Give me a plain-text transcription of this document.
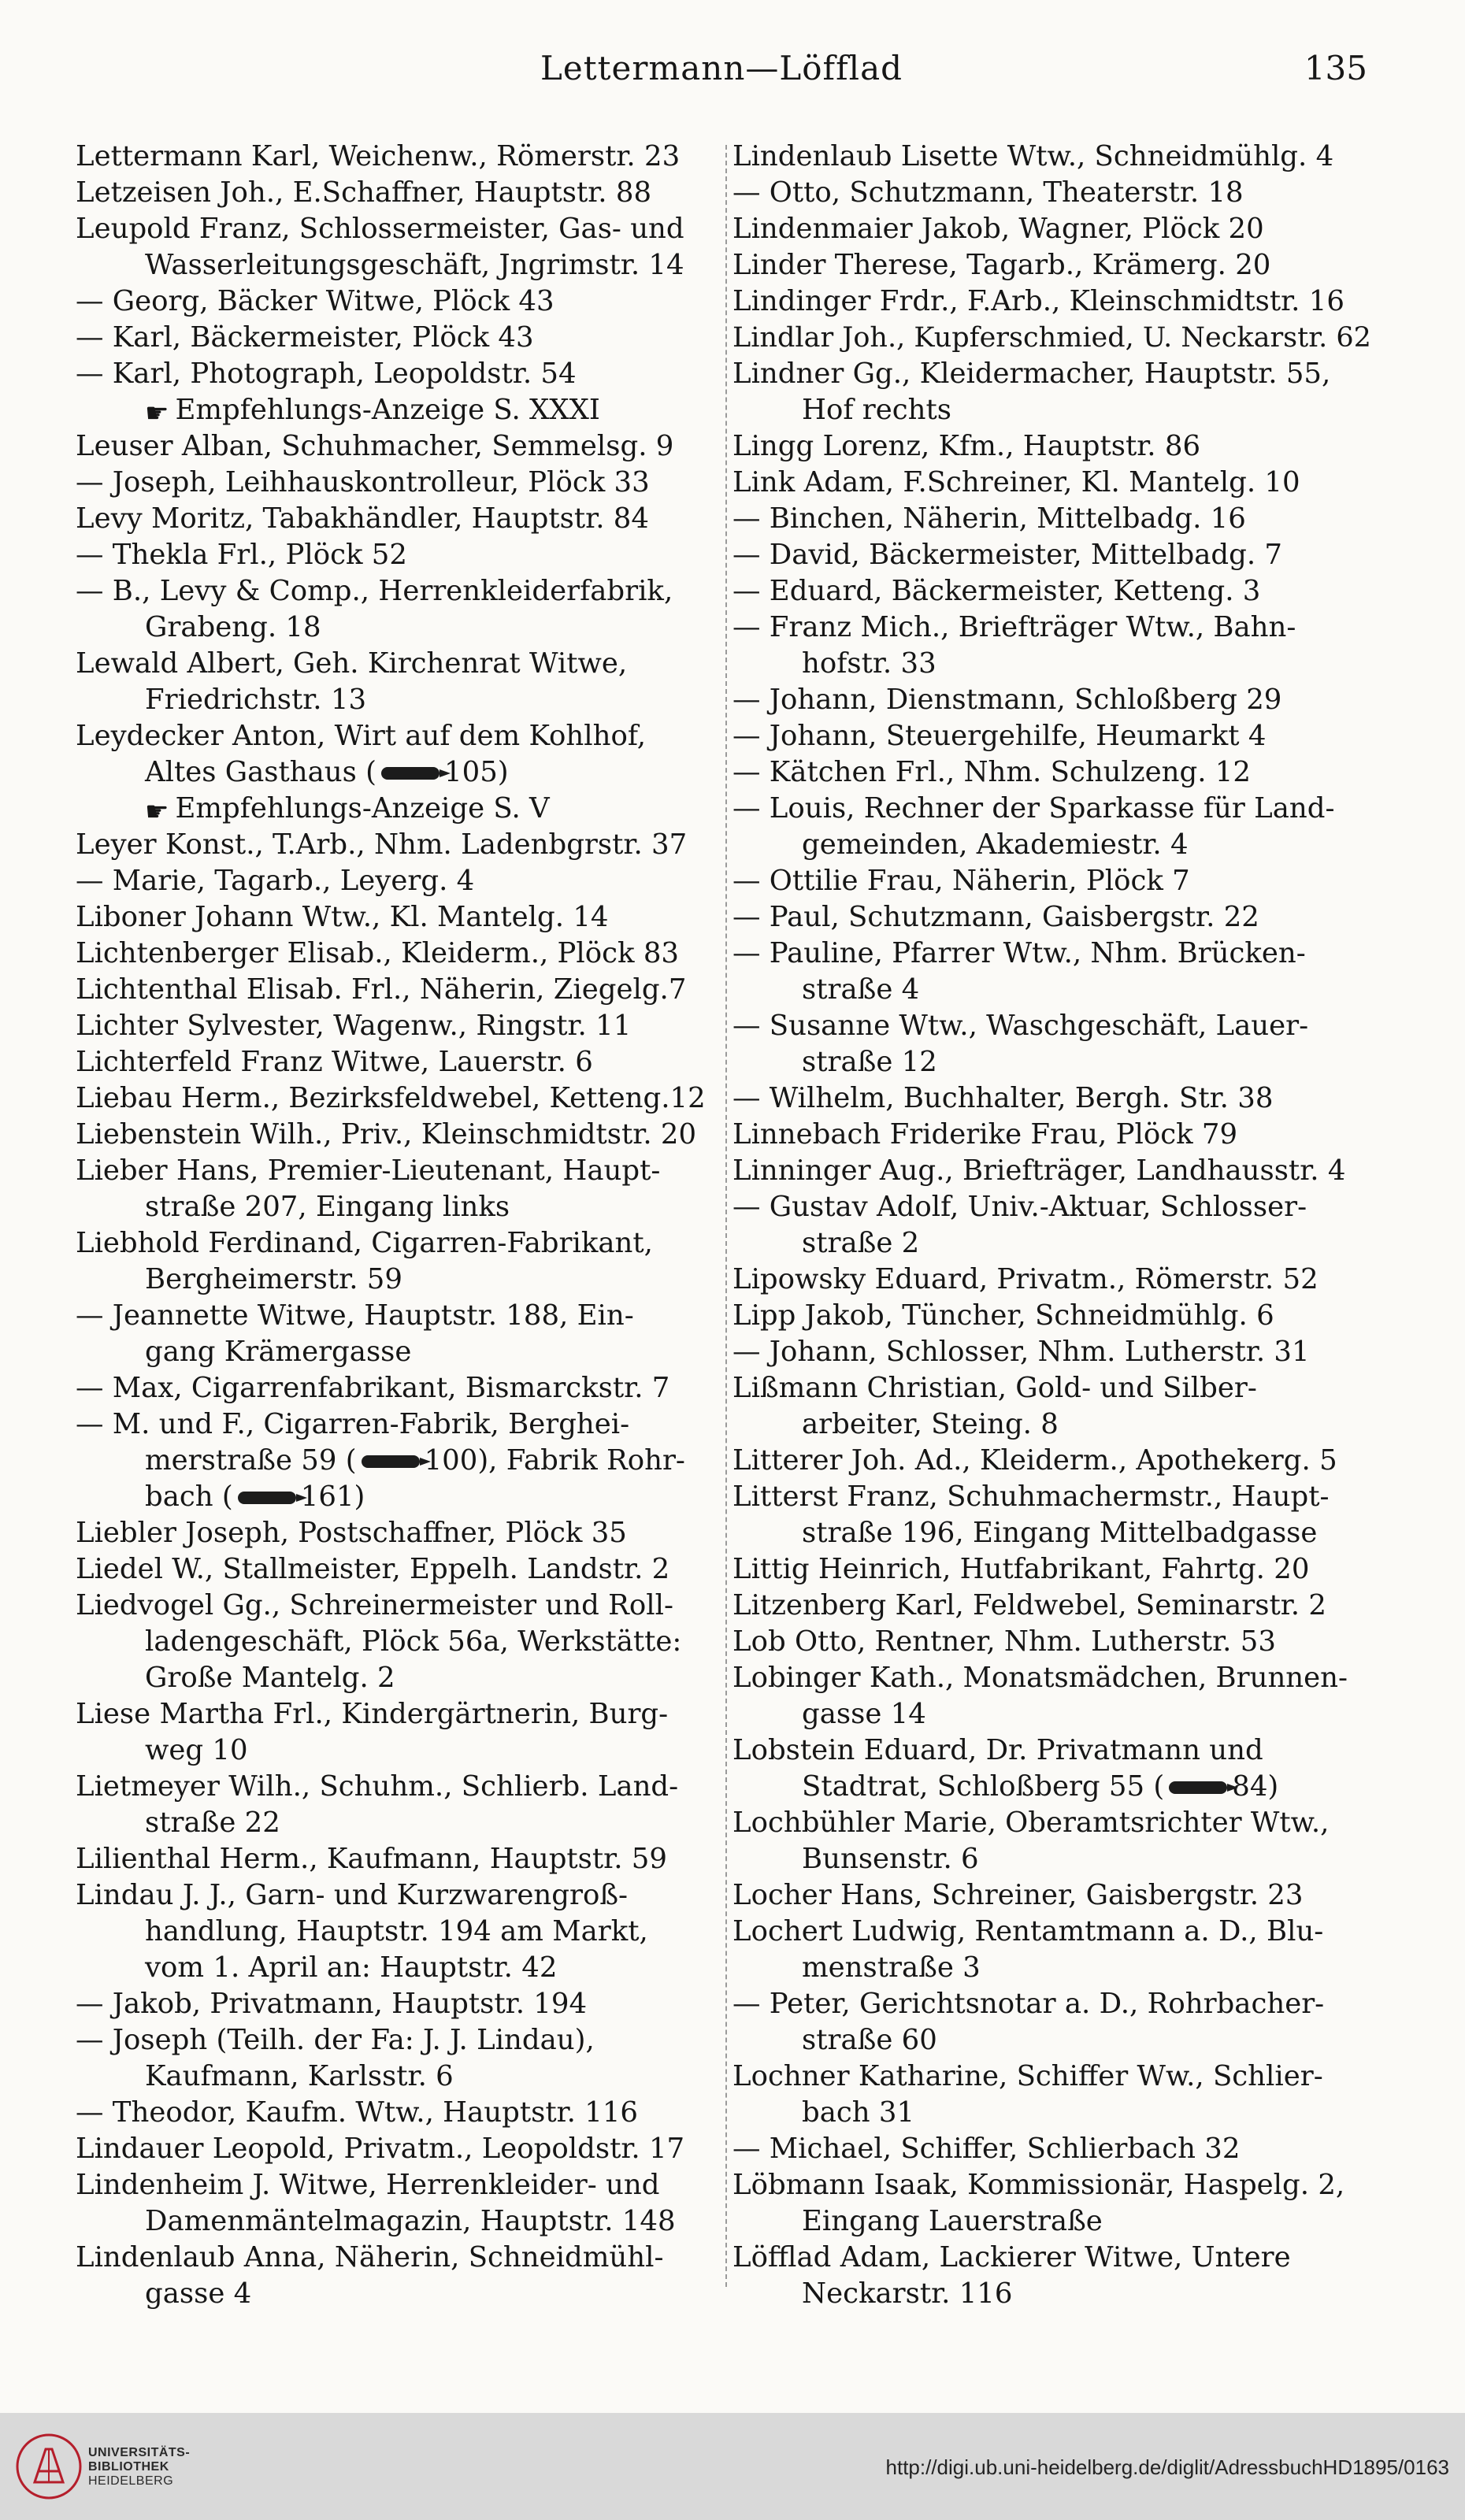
Lettermann—Löfflad	135
Lettermann Karl, Weichenw., Römerstr. 23
Letzeisen Joh., E.Schaffner, Hauptstr. 88
Leupold Franz, Schlossermeister, Gas- und
Wasserleitungsgeschäft, Jngrimstr. 14
— Georg, Bäcker Witwe, Plöck 43
— Karl, Bäckermeister, Plöck 43
— Karl, Photograph, Leopoldstr. 54
☛ Empfehlungs-Anzeige S. XXXI
Leuser Alban, Schuhmacher, Semmelsg. 9
— Joseph, Leihhauskontrolleur, Plöck 33
Levy Moritz, Tabakhändler, Hauptstr. 84
— Thekla Frl., Plöck 52
— B., Levy & Comp., Herrenkleiderfabrik,
Grabeng. 18
Lewald Albert, Geh. Kirchenrat Witwe,
Friedrichstr. 13
Leydecker Anton, Wirt auf dem Kohlhof,
Altes Gasthaus ( 105)
☛ Empfehlungs-Anzeige S. V
Leyer Konst., T.Arb., Nhm. Ladenbgrstr. 37
— Marie, Tagarb., Leyerg. 4
Liboner Johann Wtw., Kl. Mantelg. 14
Lichtenberger Elisab., Kleiderm., Plöck 83
Lichtenthal Elisab. Frl., Näherin, Ziegelg.7
Lichter Sylvester, Wagenw., Ringstr. 11
Lichterfeld Franz Witwe, Lauerstr. 6
Liebau Herm., Bezirksfeldwebel, Ketteng.12
Liebenstein Wilh., Priv., Kleinschmidtstr. 20
Lieber Hans, Premier-Lieutenant, Haupt-
straße 207, Eingang links
Liebhold Ferdinand, Cigarren-Fabrikant,
Bergheimerstr. 59
— Jeannette Witwe, Hauptstr. 188, Ein-
gang Krämergasse
— Max, Cigarrenfabrikant, Bismarckstr. 7
— M. und F., Cigarren-Fabrik, Berghei-
merstraße 59 ( 100), Fabrik Rohr-
bach ( 161)
Liebler Joseph, Postschaffner, Plöck 35
Liedel W., Stallmeister, Eppelh. Landstr. 2
Liedvogel Gg., Schreinermeister und Roll-
ladengeschäft, Plöck 56a, Werkstätte:
Große Mantelg. 2
Liese Martha Frl., Kindergärtnerin, Burg-
weg 10
Lietmeyer Wilh., Schuhm., Schlierb. Land-
straße 22
Lilienthal Herm., Kaufmann, Hauptstr. 59
Lindau J. J., Garn- und Kurzwarengroß-
handlung, Hauptstr. 194 am Markt,
vom 1. April an: Hauptstr. 42
— Jakob, Privatmann, Hauptstr. 194
— Joseph (Teilh. der Fa: J. J. Lindau),
Kaufmann, Karlsstr. 6
— Theodor, Kaufm. Wtw., Hauptstr. 116
Lindauer Leopold, Privatm., Leopoldstr. 17
Lindenheim J. Witwe, Herrenkleider- und
Damenmäntelmagazin, Hauptstr. 148
Lindenlaub Anna, Näherin, Schneidmühl-
gasse 4
Lindenlaub Lisette Wtw., Schneidmühlg. 4
— Otto, Schutzmann, Theaterstr. 18
Lindenmaier Jakob, Wagner, Plöck 20
Linder Therese, Tagarb., Krämerg. 20
Lindinger Frdr., F.Arb., Kleinschmidtstr. 16
Lindlar Joh., Kupferschmied, U. Neckarstr. 62
Lindner Gg., Kleidermacher, Hauptstr. 55,
Hof rechts
Lingg Lorenz, Kfm., Hauptstr. 86
Link Adam, F.Schreiner, Kl. Mantelg. 10
— Binchen, Näherin, Mittelbadg. 16
— David, Bäckermeister, Mittelbadg. 7
— Eduard, Bäckermeister, Ketteng. 3
— Franz Mich., Briefträger Wtw., Bahn-
hofstr. 33
— Johann, Dienstmann, Schloßberg 29
— Johann, Steuergehilfe, Heumarkt 4
— Kätchen Frl., Nhm. Schulzeng. 12
— Louis, Rechner der Sparkasse für Land-
gemeinden, Akademiestr. 4
— Ottilie Frau, Näherin, Plöck 7
— Paul, Schutzmann, Gaisbergstr. 22
— Pauline, Pfarrer Wtw., Nhm. Brücken-
straße 4
— Susanne Wtw., Waschgeschäft, Lauer-
straße 12
— Wilhelm, Buchhalter, Bergh. Str. 38
Linnebach Friderike Frau, Plöck 79
Linninger Aug., Briefträger, Landhausstr. 4
— Gustav Adolf, Univ.-Aktuar, Schlosser-
straße 2
Lipowsky Eduard, Privatm., Römerstr. 52
Lipp Jakob, Tüncher, Schneidmühlg. 6
— Johann, Schlosser, Nhm. Lutherstr. 31
Lißmann Christian, Gold- und Silber-
arbeiter, Steing. 8
Litterer Joh. Ad., Kleiderm., Apothekerg. 5
Litterst Franz, Schuhmachermstr., Haupt-
straße 196, Eingang Mittelbadgasse
Littig Heinrich, Hutfabrikant, Fahrtg. 20
Litzenberg Karl, Feldwebel, Seminarstr. 2
Lob Otto, Rentner, Nhm. Lutherstr. 53
Lobinger Kath., Monatsmädchen, Brunnen-
gasse 14
Lobstein Eduard, Dr. Privatmann und
Stadtrat, Schloßberg 55 ( 84)
Lochbühler Marie, Oberamtsrichter Wtw.,
Bunsenstr. 6
Locher Hans, Schreiner, Gaisbergstr. 23
Lochert Ludwig, Rentamtmann a. D., Blu-
menstraße 3
— Peter, Gerichtsnotar a. D., Rohrbacher-
straße 60
Lochner Katharine, Schiffer Ww., Schlier-
bach 31
— Michael, Schiffer, Schlierbach 32
Löbmann Isaak, Kommissionär, Haspelg. 2,
Eingang Lauerstraße
Löfflad Adam, Lackierer Witwe, Untere
Neckarstr. 116
UNIVERSITÄTS-
BIBLIOTHEK
HEIDELBERG
http://digi.ub.uni-heidelberg.de/diglit/AdressbuchHD1895/0163
